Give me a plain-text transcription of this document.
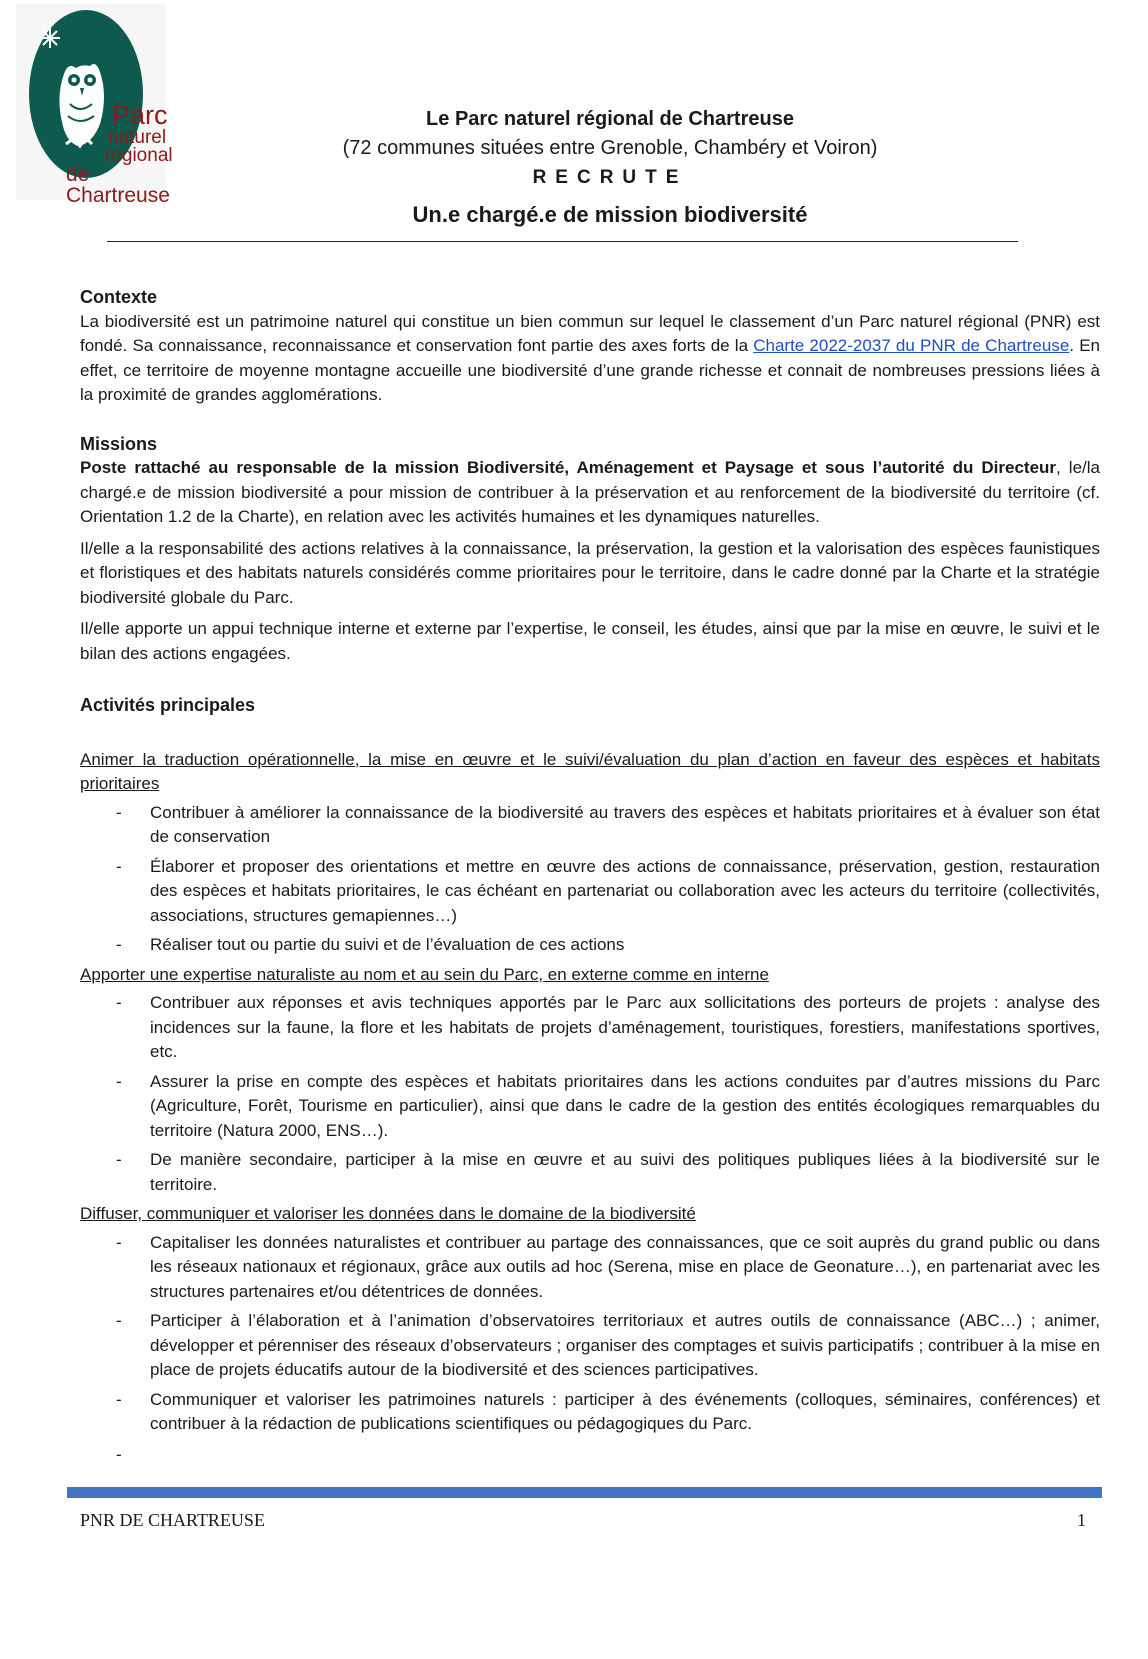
Parc
naturel
régional
de Chartreuse
Le Parc naturel régional de Chartreuse
(72 communes situées entre Grenoble, Chambéry et Voiron)
RECRUTE
Un.e chargé.e de mission biodiversité
Contexte

La biodiversité est un patrimoine naturel qui constitue un bien commun sur lequel le classement d’un Parc naturel régional (PNR) est fondé. Sa connaissance, reconnaissance et conservation font partie des axes forts de la Charte 2022-2037 du PNR de Chartreuse. En effet, ce territoire de moyenne montagne accueille une biodiversité d’une grande richesse et connait de nombreuses pressions liées à la proximité de grandes agglomérations.

Missions

Poste rattaché au responsable de la mission Biodiversité, Aménagement et Paysage et sous l’autorité du Directeur, le/la chargé.e de mission biodiversité a pour mission de contribuer à la préservation et au renforcement de la biodiversité du territoire (cf. Orientation 1.2 de la Charte), en relation avec les activités humaines et les dynamiques naturelles.

Il/elle a la responsabilité des actions relatives à la connaissance, la préservation, la gestion et la valorisation des espèces faunistiques et floristiques et des habitats naturels considérés comme prioritaires pour le territoire, dans le cadre donné par la Charte et la stratégie biodiversité globale du Parc.

Il/elle apporte un appui technique interne et externe par l’expertise, le conseil, les études, ainsi que par la mise en œuvre, le suivi et le bilan des actions engagées.

Activités principales
Animer la traduction opérationnelle, la mise en œuvre et le suivi/évaluation du plan d’action en faveur des espèces et habitats prioritaires
- Contribuer à améliorer la connaissance de la biodiversité au travers des espèces et habitats prioritaires et à évaluer son état de conservation
- Élaborer et proposer des orientations et mettre en œuvre des actions de connaissance, préservation, gestion, restauration des espèces et habitats prioritaires, le cas échéant en partenariat ou collaboration avec les acteurs du territoire (collectivités, associations, structures gemapiennes…)
- Réaliser tout ou partie du suivi et de l’évaluation de ces actions
Apporter une expertise naturaliste au nom et au sein du Parc, en externe comme en interne
- Contribuer aux réponses et avis techniques apportés par le Parc aux sollicitations des porteurs de projets : analyse des incidences sur la faune, la flore et les habitats de projets d’aménagement, touristiques, forestiers, manifestations sportives, etc.
- Assurer la prise en compte des espèces et habitats prioritaires dans les actions conduites par d’autres missions du Parc (Agriculture, Forêt, Tourisme en particulier), ainsi que dans le cadre de la gestion des entités écologiques remarquables du territoire (Natura 2000, ENS…).
- De manière secondaire, participer à la mise en œuvre et au suivi des politiques publiques liées à la biodiversité sur le territoire.
Diffuser, communiquer et valoriser les données dans le domaine de la biodiversité
- Capitaliser les données naturalistes et contribuer au partage des connaissances, que ce soit auprès du grand public ou dans les réseaux nationaux et régionaux, grâce aux outils ad hoc (Serena, mise en place de Geonature…), en partenariat avec les structures partenaires et/ou détentrices de données.
- Participer à l’élaboration et à l’animation d’observatoires territoriaux et autres outils de connaissance (ABC…) ; animer, développer et pérenniser des réseaux d’observateurs ; organiser des comptages et suivis participatifs ; contribuer à la mise en place de projets éducatifs autour de la biodiversité et des sciences participatives.
- Communiquer et valoriser les patrimoines naturels : participer à des événements (colloques, séminaires, conférences) et contribuer à la rédaction de publications scientifiques ou pédagogiques du Parc.
-
PNR DE CHARTREUSE	1
